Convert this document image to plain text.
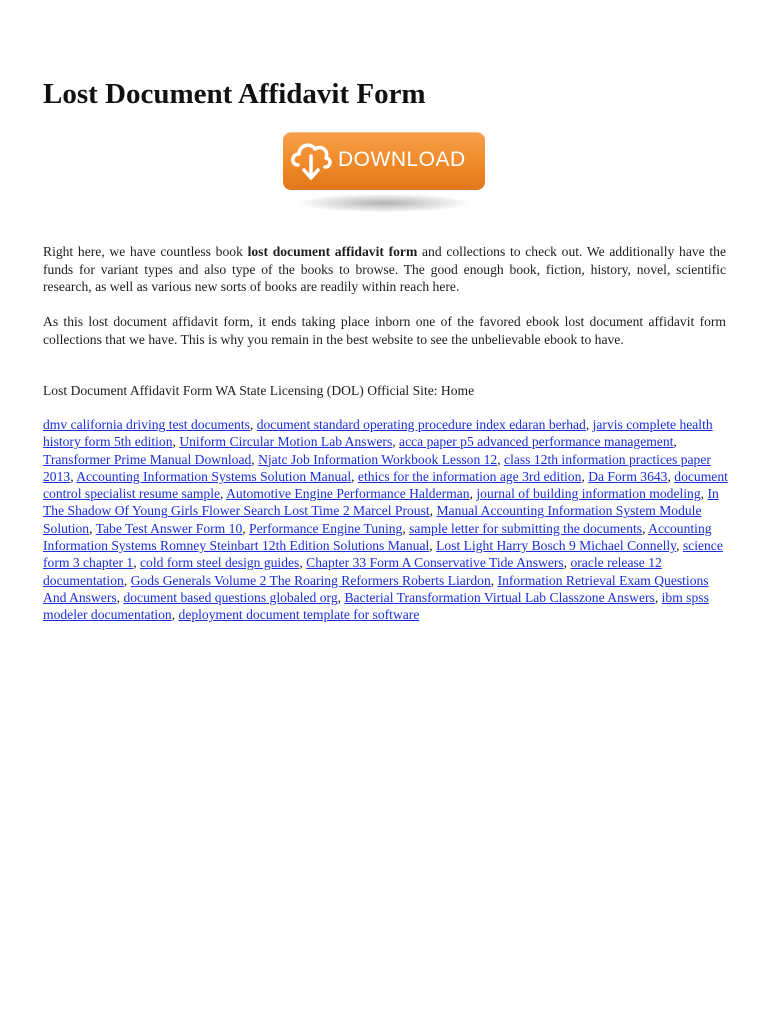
Lost Document Affidavit Form
DOWNLOAD

Right here, we have countless book lost document affidavit form and collections to check out. We additionally have the funds for variant types and also type of the books to browse. The good enough book, fiction, history, novel, scientific research, as well as various new sorts of books are readily within reach here.

As this lost document affidavit form, it ends taking place inborn one of the favored ebook lost document affidavit form collections that we have. This is why you remain in the best website to see the unbelievable ebook to have.

Lost Document Affidavit Form WA State Licensing (DOL) Official Site: Home

dmv california driving test documents, document standard operating procedure index edaran berhad, jarvis complete health history form 5th edition, Uniform Circular Motion Lab Answers, acca paper p5 advanced performance management, Transformer Prime Manual Download, Njatc Job Information Workbook Lesson 12, class 12th information practices paper 2013, Accounting Information Systems Solution Manual, ethics for the information age 3rd edition, Da Form 3643, document control specialist resume sample, Automotive Engine Performance Halderman, journal of building information modeling, In The Shadow Of Young Girls Flower Search Lost Time 2 Marcel Proust, Manual Accounting Information System Module Solution, Tabe Test Answer Form 10, Performance Engine Tuning, sample letter for submitting the documents, Accounting Information Systems Romney Steinbart 12th Edition Solutions Manual, Lost Light Harry Bosch 9 Michael Connelly, science form 3 chapter 1, cold form steel design guides, Chapter 33 Form A Conservative Tide Answers, oracle release 12 documentation, Gods Generals Volume 2 The Roaring Reformers Roberts Liardon, Information Retrieval Exam Questions And Answers, document based questions globaled org, Bacterial Transformation Virtual Lab Classzone Answers, ibm spss modeler documentation, deployment document template for software
